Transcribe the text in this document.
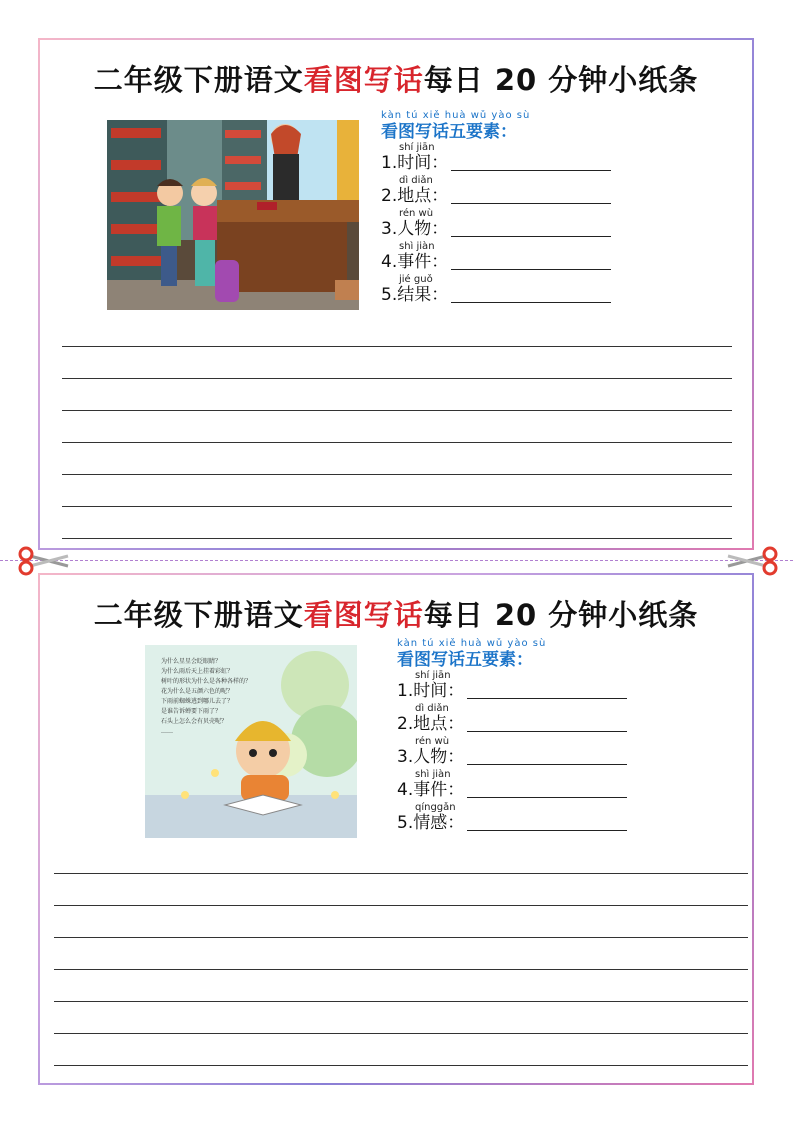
二年级下册语文看图写话每日 20 分钟小纸条
kàn tú xiě huà wǔ yào sù
看图写话五要素：
shí jiān
1.时间：
dì diǎn
2.地点：
rén wù
3.人物：
shì jiàn
4.事件：
jié guǒ
5.结果：
二年级下册语文看图写话每日 20 分钟小纸条
为什么星星会眨眼睛？
为什么雨后天上挂着彩虹？
树叶的形状为什么是各种各样的？
花为什么是五颜六色的呢？
下雨前蜘蛛逃到哪儿去了？
是谁告诉蝉要下雨了？
石头上怎么会有贝壳呢？
……
kàn tú xiě huà wǔ yào sù
看图写话五要素：
shí jiān
1.时间：
dì diǎn
2.地点：
rén wù
3.人物：
shì jiàn
4.事件：
qínggǎn
5.情感：
